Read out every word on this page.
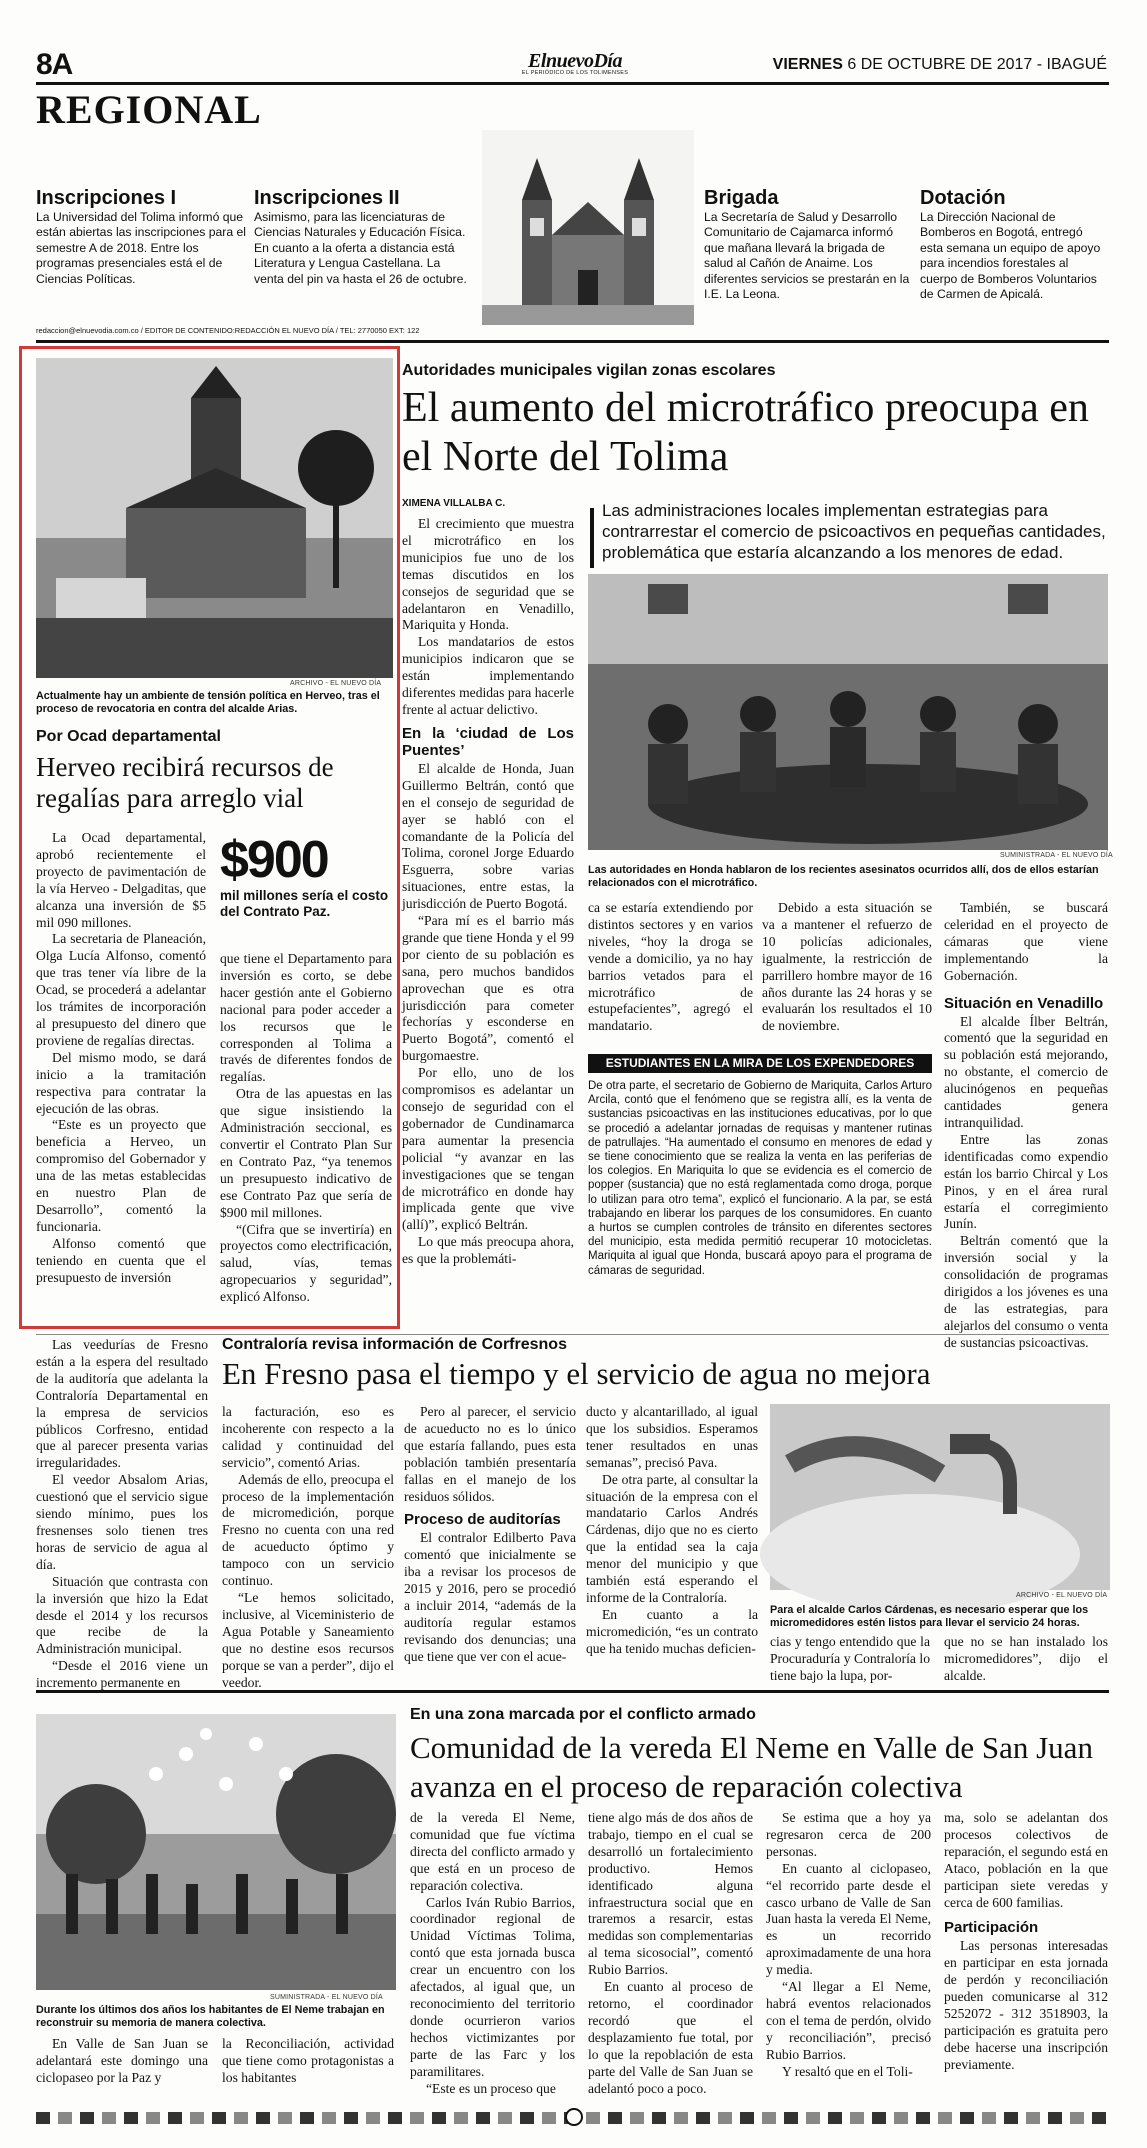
8A	ElnuevoDía
EL PERIÓDICO DE LOS TOLIMENSES	VIERNES 6 DE OCTUBRE DE 2017 - IBAGUÉ
REGIONAL
Inscripciones I
La Universidad del Tolima informó que están abiertas las inscripciones para el semestre A de 2018. Entre los programas presenciales está el de Ciencias Políticas.
Inscripciones II
Asimismo, para las licenciaturas de Ciencias Naturales y Educación Física. En cuanto a la oferta a distancia está Literatura y Lengua Castellana. La venta del pin va hasta el 26 de octubre.
Brigada
La Secretaría de Salud y Desarrollo Comunitario de Cajamarca informó que mañana llevará la brigada de salud al Cañón de Anaime. Los diferentes servicios se prestarán en la I.E. La Leona.
Dotación
La Dirección Nacional de Bomberos en Bogotá, entregó esta semana un equipo de apoyo para incendios forestales al cuerpo de Bomberos Voluntarios de Carmen de Apicalá.
redaccion@elnuevodia.com.co / EDITOR DE CONTENIDO:REDACCIÓN EL NUEVO DÍA / TEL: 2770050 EXT: 122
ARCHIVO - EL NUEVO DÍA
Actualmente hay un ambiente de tensión política en Herveo, tras el proceso de revocatoria en contra del alcalde Arias.
Por Ocad departamental
Herveo recibirá recursos de regalías para arreglo vial

La Ocad departamental, aprobó recientemente el proyecto de pavimentación de la vía Herveo - Delgaditas, que alcanza una inversión de $5 mil 090 millones.

La secretaria de Planeación, Olga Lucía Alfonso, comentó que tras tener vía libre de la Ocad, se procederá a adelantar los trámites de incorporación al presupuesto del dinero que proviene de regalías directas.

Del mismo modo, se dará inicio a la tramitación respectiva para contratar la ejecución de las obras.

“Este es un proyecto que beneficia a Herveo, un compromiso del Gobernador y una de las metas establecidas en nuestro Plan de Desarrollo”, comentó la funcionaria.

Alfonso comentó que teniendo en cuenta que el presupuesto de inversión

$900
mil millones sería el costo del Contrato Paz.

que tiene el Departamento para inversión es corto, se debe hacer gestión ante el Gobierno nacional para poder acceder a los recursos que le corresponden al Tolima a través de diferentes fondos de regalías.

Otra de las apuestas en las que sigue insistiendo la Administración seccional, es convertir el Contrato Plan Sur en Contrato Paz, “ya tenemos un presupuesto indicativo de ese Contrato Paz que sería de $900 mil millones.

“(Cifra que se invertiría) en proyectos como electrificación, salud, vías, temas agropecuarios y seguridad”, explicó Alfonso.

Autoridades municipales vigilan zonas escolares
El aumento del microtráfico preocupa en el Norte del Tolima
XIMENA VILLALBA C.

El crecimiento que muestra el microtráfico en los municipios fue uno de los temas discutidos en los consejos de seguridad que se adelantaron en Venadillo, Mariquita y Honda.

Los mandatarios de estos municipios indicaron que se están implementando diferentes medidas para hacerle frente al actuar delictivo.

En la ‘ciudad de Los Puentes’

El alcalde de Honda, Juan Guillermo Beltrán, contó que en el consejo de seguridad de ayer se habló con el comandante de la Policía del Tolima, coronel Jorge Eduardo Esguerra, sobre varias situaciones, entre estas, la jurisdicción de Puerto Bogotá.

“Para mí es el barrio más grande que tiene Honda y el 99 por ciento de su población es sana, pero muchos bandidos aprovechan que es otra jurisdicción para cometer fechorías y esconderse en Puerto Bogotá”, comentó el burgomaestre.

Por ello, uno de los compromisos es adelantar un consejo de seguridad con el gobernador de Cundinamarca para aumentar la presencia policial “y avanzar en las investigaciones que se tengan de microtráfico en donde hay implicada gente que vive (allí)”, explicó Beltrán.

Lo que más preocupa ahora, es que la problemáti-

Las administraciones locales implementan estrategias para contrarrestar el comercio de psicoactivos en pequeñas cantidades, problemática que estaría alcanzando a los menores de edad.
SUMINISTRADA - EL NUEVO DÍA
Las autoridades en Honda hablaron de los recientes asesinatos ocurridos allí, dos de ellos estarían relacionados con el microtráfico.

ca se estaría extendiendo por distintos sectores y en varios niveles, “hoy la droga se vende a domicilio, ya no hay barrios vetados para el microtráfico de estupefacientes”, agregó el mandatario.

Debido a esta situación se va a mantener el refuerzo de 10 policías adicionales, igualmente, la restricción de parrillero hombre mayor de 16 años durante las 24 horas y se evaluarán los resultados el 10 de noviembre.

ESTUDIANTES EN LA MIRA DE LOS EXPENDEDORES
De otra parte, el secretario de Gobierno de Mariquita, Carlos Arturo Arcila, contó que el fenómeno que se registra allí, es la venta de sustancias psicoactivas en las instituciones educativas, por lo que se procedió a adelantar jornadas de requisas y mantener rutinas de patrullajes. “Ha aumentado el consumo en menores de edad y se tiene conocimiento que se realiza la venta en las periferias de los colegios. En Mariquita lo que se evidencia es el comercio de popper (sustancia) que no está reglamentada como droga, porque lo utilizan para otro tema”, explicó el funcionario. A la par, se está trabajando en liberar los parques de los consumidores. En cuanto a hurtos se cumplen controles de tránsito en diferentes sectores del municipio, esta medida permitió recuperar 10 motocicletas. Mariquita al igual que Honda, buscará apoyo para el programa de cámaras de seguridad.

También, se buscará celeridad en el proyecto de cámaras que viene implementando la Gobernación.

Situación en Venadillo

El alcalde Ílber Beltrán, comentó que la seguridad en su población está mejorando, no obstante, el comercio de alucinógenos en pequeñas cantidades genera intranquilidad.

Entre las zonas identificadas como expendio están los barrio Chircal y Los Pinos, y en el área rural estaría el corregimiento Junín.

Beltrán comentó que la inversión social y la consolidación de programas dirigidos a los jóvenes es una de las estrategias, para alejarlos del consumo o venta de sustancias psicoactivas.

Las veedurías de Fresno están a la espera del resultado de la auditoría que adelanta la Contraloría Departamental en la empresa de servicios públicos Corfresno, entidad que al parecer presenta varias irregularidades.

El veedor Absalom Arias, cuestionó que el servicio sigue siendo mínimo, pues los fresnenses solo tienen tres horas de servicio de agua al día.

Situación que contrasta con la inversión que hizo la Edat desde el 2014 y los recursos que recibe de la Administración municipal.

“Desde el 2016 viene un incremento permanente en

Contraloría revisa información de Corfresnos
En Fresno pasa el tiempo y el servicio de agua no mejora

la facturación, eso es incoherente con respecto a la calidad y continuidad del servicio”, comentó Arias.

Además de ello, preocupa el proceso de la implementación de micromedición, porque Fresno no cuenta con una red de acueducto óptimo y tampoco con un servicio continuo.

“Le hemos solicitado, inclusive, al Viceministerio de Agua Potable y Saneamiento que no destine esos recursos porque se van a perder”, dijo el veedor.

Pero al parecer, el servicio de acueducto no es lo único que estaría fallando, pues esta población también presentaría fallas en el manejo de los residuos sólidos.

Proceso de auditorías

El contralor Edilberto Pava comentó que inicialmente se iba a revisar los procesos de 2015 y 2016, pero se procedió a incluir 2014, “además de la auditoría regular estamos revisando dos denuncias; una que tiene que ver con el acue-

ducto y alcantarillado, al igual que los subsidios. Esperamos tener resultados en unas semanas”, precisó Pava.

De otra parte, al consultar la situación de la empresa con el mandatario Carlos Andrés Cárdenas, dijo que no es cierto que la entidad sea la caja menor del municipio y que también está esperando el informe de la Contraloría.

En cuanto a la micromedición, “es un contrato que ha tenido muchas deficien-

ARCHIVO - EL NUEVO DÍA
Para el alcalde Carlos Cárdenas, es necesario esperar que los micromedidores estén listos para llevar el servicio 24 horas.

cias y tengo entendido que la Procuraduría y Contraloría lo tiene bajo la lupa, por-

que no se han instalado los micromedidores”, dijo el alcalde.

SUMINISTRADA - EL NUEVO DÍA
Durante los últimos dos años los habitantes de El Neme trabajan en reconstruir su memoria de manera colectiva.

En Valle de San Juan se adelantará este domingo una ciclopaseo por la Paz y

la Reconciliación, actividad que tiene como protagonistas a los habitantes

En una zona marcada por el conflicto armado
Comunidad de la vereda El Neme en Valle de San Juan avanza en el proceso de reparación colectiva

de la vereda El Neme, comunidad que fue víctima directa del conflicto armado y que está en un proceso de reparación colectiva.

Carlos Iván Rubio Barrios, coordinador regional de Unidad Víctimas Tolima, contó que esta jornada busca crear un encuentro con los afectados, al igual que, un reconocimiento del territorio donde ocurrieron varios hechos victimizantes por parte de las Farc y los paramilitares.

“Este es un proceso que

tiene algo más de dos años de trabajo, tiempo en el cual se desarrolló un fortalecimiento productivo. Hemos identificado alguna infraestructura social que en traremos a resarcir, estas medidas son complementarias al tema sicosocial”, comentó Rubio Barrios.

En cuanto al proceso de retorno, el coordinador recordó que el desplazamiento fue total, por lo que la repoblación de esta parte del Valle de San Juan se adelantó poco a poco.

Se estima que a hoy ya regresaron cerca de 200 personas.

En cuanto al ciclopaseo, “el recorrido parte desde el casco urbano de Valle de San Juan hasta la vereda El Neme, es un recorrido aproximadamente de una hora y media.

“Al llegar a El Neme, habrá eventos relacionados con el tema de perdón, olvido y reconciliación”, precisó Rubio Barrios.

Y resaltó que en el Toli-

ma, solo se adelantan dos procesos colectivos de reparación, el segundo está en Ataco, población en la que participan siete veredas y cerca de 600 familias.

Participación

Las personas interesadas en participar en esta jornada de perdón y reconciliación pueden comunicarse al 312 5252072 - 312 3518903, la participación es gratuita pero debe hacerse una inscripción previamente.
